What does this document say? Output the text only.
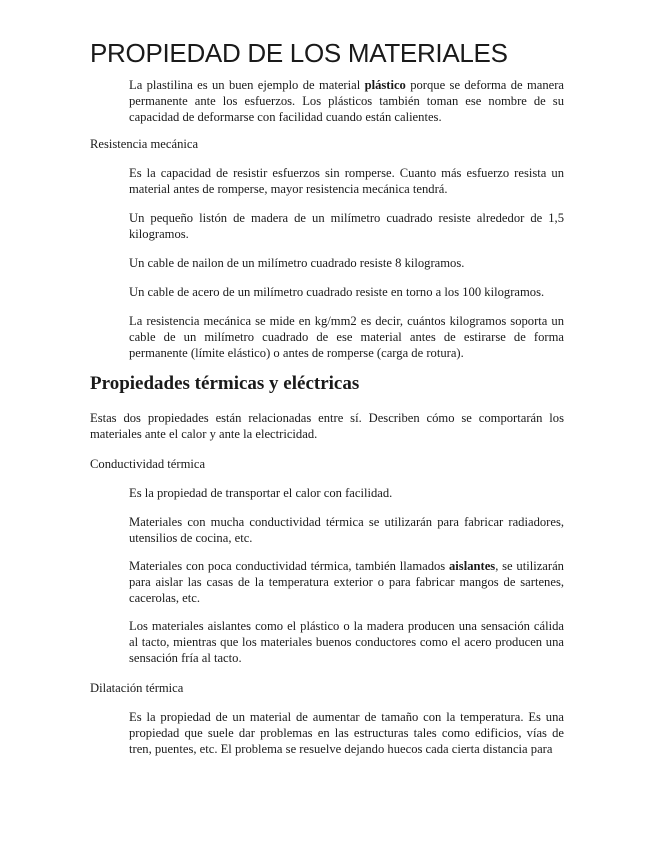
PROPIEDAD DE LOS MATERIALES

La plastilina es un buen ejemplo de material plástico porque se deforma de manera permanente ante los esfuerzos. Los plásticos también toman ese nombre de su capacidad de deformarse con facilidad cuando están calientes.

Resistencia mecánica

Es la capacidad de resistir esfuerzos sin romperse. Cuanto más esfuerzo resista un material antes de romperse, mayor resistencia mecánica tendrá.

Un pequeño listón de madera de un milímetro cuadrado resiste alrededor de 1,5 kilogramos.

Un cable de nailon de un milímetro cuadrado resiste 8 kilogramos.

Un cable de acero de un milímetro cuadrado resiste en torno a los 100 kilogramos.

La resistencia mecánica se mide en kg/mm2 es decir, cuántos kilogramos soporta un cable de un milímetro cuadrado de ese material antes de estirarse de forma permanente (límite elástico) o antes de romperse (carga de rotura).

Propiedades térmicas y eléctricas

Estas dos propiedades están relacionadas entre sí. Describen cómo se comportarán los materiales ante el calor y ante la electricidad.

Conductividad térmica

Es la propiedad de transportar el calor con facilidad.

Materiales con mucha conductividad térmica se utilizarán para fabricar radiadores, utensilios de cocina, etc.

Materiales con poca conductividad térmica, también llamados aislantes, se utilizarán para aislar las casas de la temperatura exterior o para fabricar mangos de sartenes, cacerolas, etc.

Los materiales aislantes como el plástico o la madera producen una sensación cálida al tacto, mientras que los materiales buenos conductores como el acero producen una sensación fría al tacto.

Dilatación térmica

Es la propiedad de un material de aumentar de tamaño con la temperatura. Es una propiedad que suele dar problemas en las estructuras tales como edificios, vías de tren, puentes, etc. El problema se resuelve dejando huecos cada cierta distancia para
